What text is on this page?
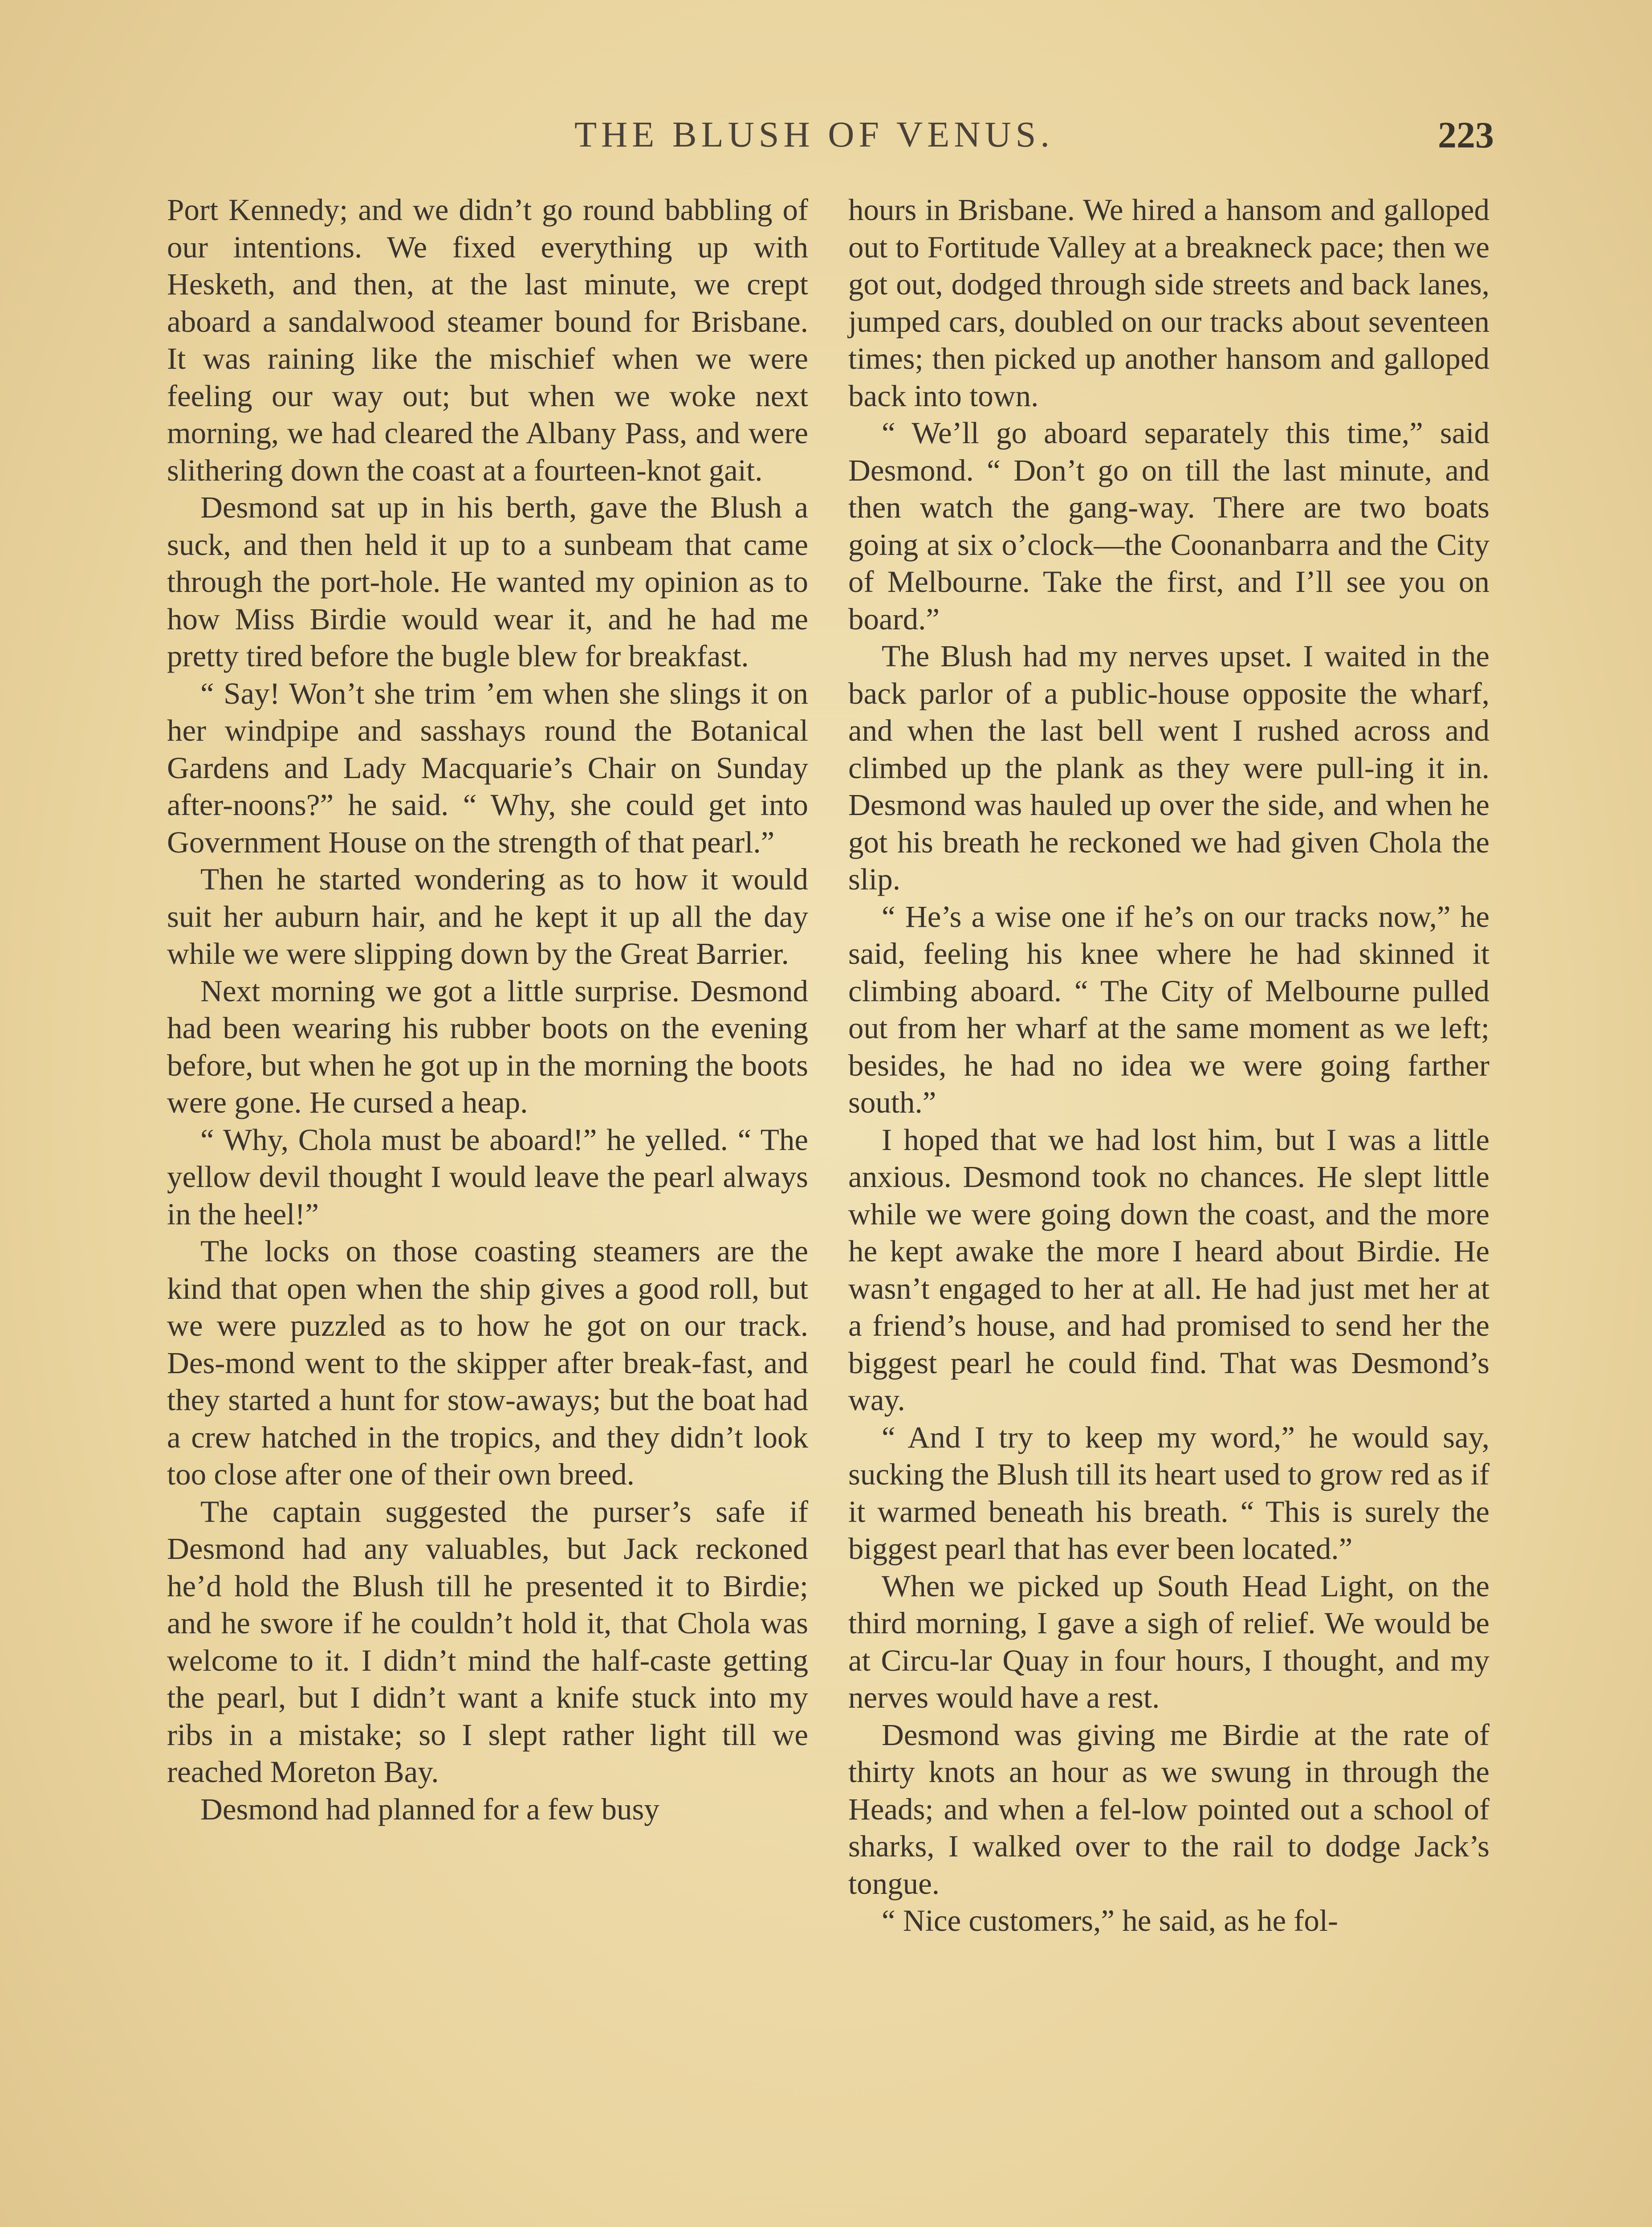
THE BLUSH OF VENUS.	223

Port Kennedy; and we didn’t go round babbling of our intentions. We fixed everything up with Hesketh, and then, at the last minute, we crept aboard a sandalwood steamer bound for Brisbane. It was raining like the mischief when we were feeling our way out; but when we woke next morning, we had cleared the Albany Pass, and were slithering down the coast at a fourteen-knot gait.

Desmond sat up in his berth, gave the Blush a suck, and then held it up to a sunbeam that came through the port-hole. He wanted my opinion as to how Miss Birdie would wear it, and he had me pretty tired before the bugle blew for breakfast.

“ Say! Won’t she trim ’em when she slings it on her windpipe and sasshays round the Botanical Gardens and Lady Macquarie’s Chair on Sunday after-noons?” he said. “ Why, she could get into Government House on the strength of that pearl.”

Then he started wondering as to how it would suit her auburn hair, and he kept it up all the day while we were slipping down by the Great Barrier.

Next morning we got a little surprise. Desmond had been wearing his rubber boots on the evening before, but when he got up in the morning the boots were gone. He cursed a heap.

“ Why, Chola must be aboard!” he yelled. “ The yellow devil thought I would leave the pearl always in the heel!”

The locks on those coasting steamers are the kind that open when the ship gives a good roll, but we were puzzled as to how he got on our track. Des-mond went to the skipper after break-fast, and they started a hunt for stow-aways; but the boat had a crew hatched in the tropics, and they didn’t look too close after one of their own breed.

The captain suggested the purser’s safe if Desmond had any valuables, but Jack reckoned he’d hold the Blush till he presented it to Birdie; and he swore if he couldn’t hold it, that Chola was welcome to it. I didn’t mind the half-caste getting the pearl, but I didn’t want a knife stuck into my ribs in a mistake; so I slept rather light till we reached Moreton Bay.

Desmond had planned for a few busy

hours in Brisbane. We hired a hansom and galloped out to Fortitude Valley at a breakneck pace; then we got out, dodged through side streets and back lanes, jumped cars, doubled on our tracks about seventeen times; then picked up another hansom and galloped back into town.

“ We’ll go aboard separately this time,” said Desmond. “ Don’t go on till the last minute, and then watch the gang-way. There are two boats going at six o’clock—the Coonanbarra and the City of Melbourne. Take the first, and I’ll see you on board.”

The Blush had my nerves upset. I waited in the back parlor of a public-house opposite the wharf, and when the last bell went I rushed across and climbed up the plank as they were pull-ing it in. Desmond was hauled up over the side, and when he got his breath he reckoned we had given Chola the slip.

“ He’s a wise one if he’s on our tracks now,” he said, feeling his knee where he had skinned it climbing aboard. “ The City of Melbourne pulled out from her wharf at the same moment as we left; besides, he had no idea we were going farther south.”

I hoped that we had lost him, but I was a little anxious. Desmond took no chances. He slept little while we were going down the coast, and the more he kept awake the more I heard about Birdie. He wasn’t engaged to her at all. He had just met her at a friend’s house, and had promised to send her the biggest pearl he could find. That was Desmond’s way.

“ And I try to keep my word,” he would say, sucking the Blush till its heart used to grow red as if it warmed beneath his breath. “ This is surely the biggest pearl that has ever been located.”

When we picked up South Head Light, on the third morning, I gave a sigh of relief. We would be at Circu-lar Quay in four hours, I thought, and my nerves would have a rest.

Desmond was giving me Birdie at the rate of thirty knots an hour as we swung in through the Heads; and when a fel-low pointed out a school of sharks, I walked over to the rail to dodge Jack’s tongue.

“ Nice customers,” he said, as he fol-
